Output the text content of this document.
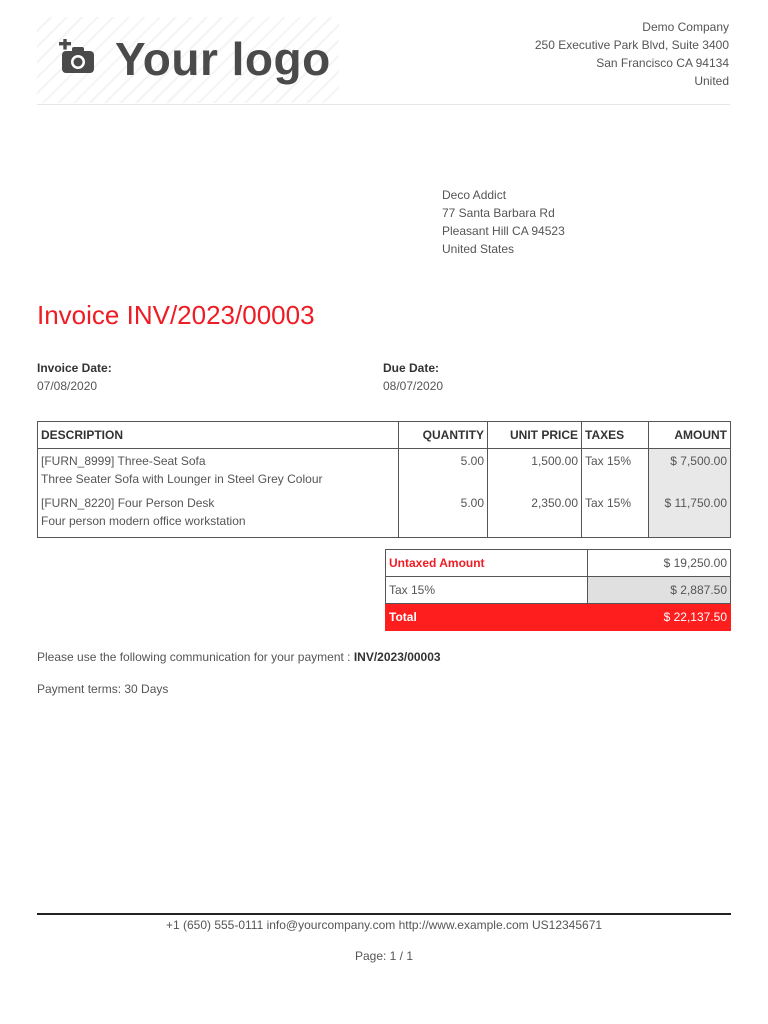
Your logo
Demo Company
250 Executive Park Blvd, Suite 3400
San Francisco CA 94134
United
Deco Addict
77 Santa Barbara Rd
Pleasant Hill CA 94523
United States
Invoice INV/2023/00003
Invoice Date:
07/08/2020
Due Date:
08/07/2020
DESCRIPTION	QUANTITY	UNIT PRICE	TAXES	AMOUNT

[FURN_8999] Three-Seat Sofa
Three Seater Sofa with Lounger in Steel Grey Colour	5.00	1,500.00	Tax 15%	$ 7,500.00

[FURN_8220] Four Person Desk
Four person modern office workstation	5.00	2,350.00	Tax 15%	$ 11,750.00
Untaxed Amount	$ 19,250.00
Tax 15%	$ 2,887.50
Total	$ 22,137.50
Please use the following communication for your payment : INV/2023/00003
Payment terms: 30 Days
+1 (650) 555-0111 info@yourcompany.com http://www.example.com US12345671
Page: 1 / 1
